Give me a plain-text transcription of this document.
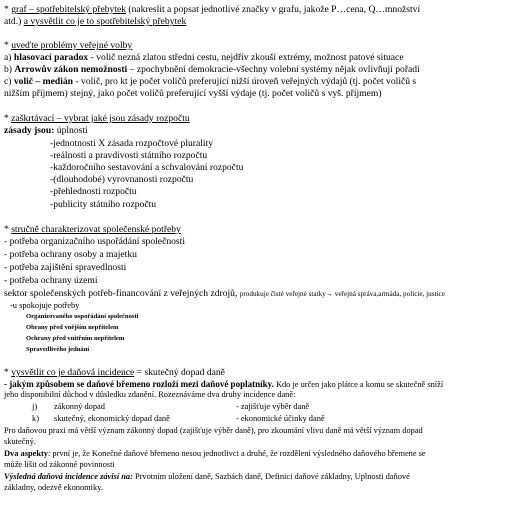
* graf – spotřebitelský přebytek (nakreslit a popsat jednotlivé značky v grafu, jakože P…cena, Q…množství
atd.) a vysvětlit co je to spotřebitelský přebytek
* uveďte problémy veřejné volby
a) hlasovací paradox - volič nezná zlatou střední cestu, nejdřív zkouší extrémy, možnost patové situace
b) Arrowův zákon nemožnosti – zpochybnění demokracie-všechny volební systémy nějak ovlivňují pořadí
c) volič – medián - volič, pro kt je počet voličů preferující nižší úroveň veřejných výdajů (tj. počet voličů s
nižším příjmem) stejný, jako počet voličů preferující vyšší výdaje (tj. počet voličů s vyš. příjmem)
* zaškrtávací – vybrat jaké jsou zásady rozpočtu
zásady jsou: úplnosti
-jednotnosti X zásada rozpočtové plurality
-reálnosti a pravdivosti státního rozpočtu
-každoročního sestavování a schvalování rozpočtu
-(dlouhodobé) vyrovnanosti rozpočtu
-přehlednosti rozpočtu
-publicity státního rozpočtu
* stručně charakterizovat společenské potřeby
- potřeba organizačního uspořádání společnosti
- potřeba ochrany osoby a majetku
- potřeba zajištění spravedlnosti
- potřeba ochrany území
sektor společenských potřeb-financování z veřejných zdrojů, produkuje čisté veřejné statky→ veřejná správa,armáda, policie, justice
-u spokojuje potřeby
Organizovaného uspořádání společnosti
Obrany před vnějším nepřítelem
Ochrany před vnitřním nepřítelem
Spravedlivého jednání
* vysvětlit co je daňová incidence = skutečný dopad daně
- jakým způsobem se daňové břemeno rozloží mezi daňové poplatníky. Kdo je určen jako plátce a komu se skutečně sníží
jeho disponibilní důchod v důsledku zdanění. Rozeznáváme dva druhy incidence daně:
j) zákonný dopad	- zajišťuje výběr daně
k) skutečný, ekonomický dopad daně	- ekonomické účinky daně
Pro daňovou praxi má větší význam zákonný dopad (zajišťuje výběr daně), pro zkoumání vlivu daně má větší význam dopad
skutečný.
Dva aspekty: první je, že Konečné daňové břemeno nesou jednotlivci a druhé, že rozdělení výsledného daňového břemene se
může lišit od zákonné povinnosti
Výsledná daňová incidence závisí na: Prvotním uložení daně, Sazbách daně, Definici daňové základny, Uplnosti daňové
základny, odezvě ekonomiky.
